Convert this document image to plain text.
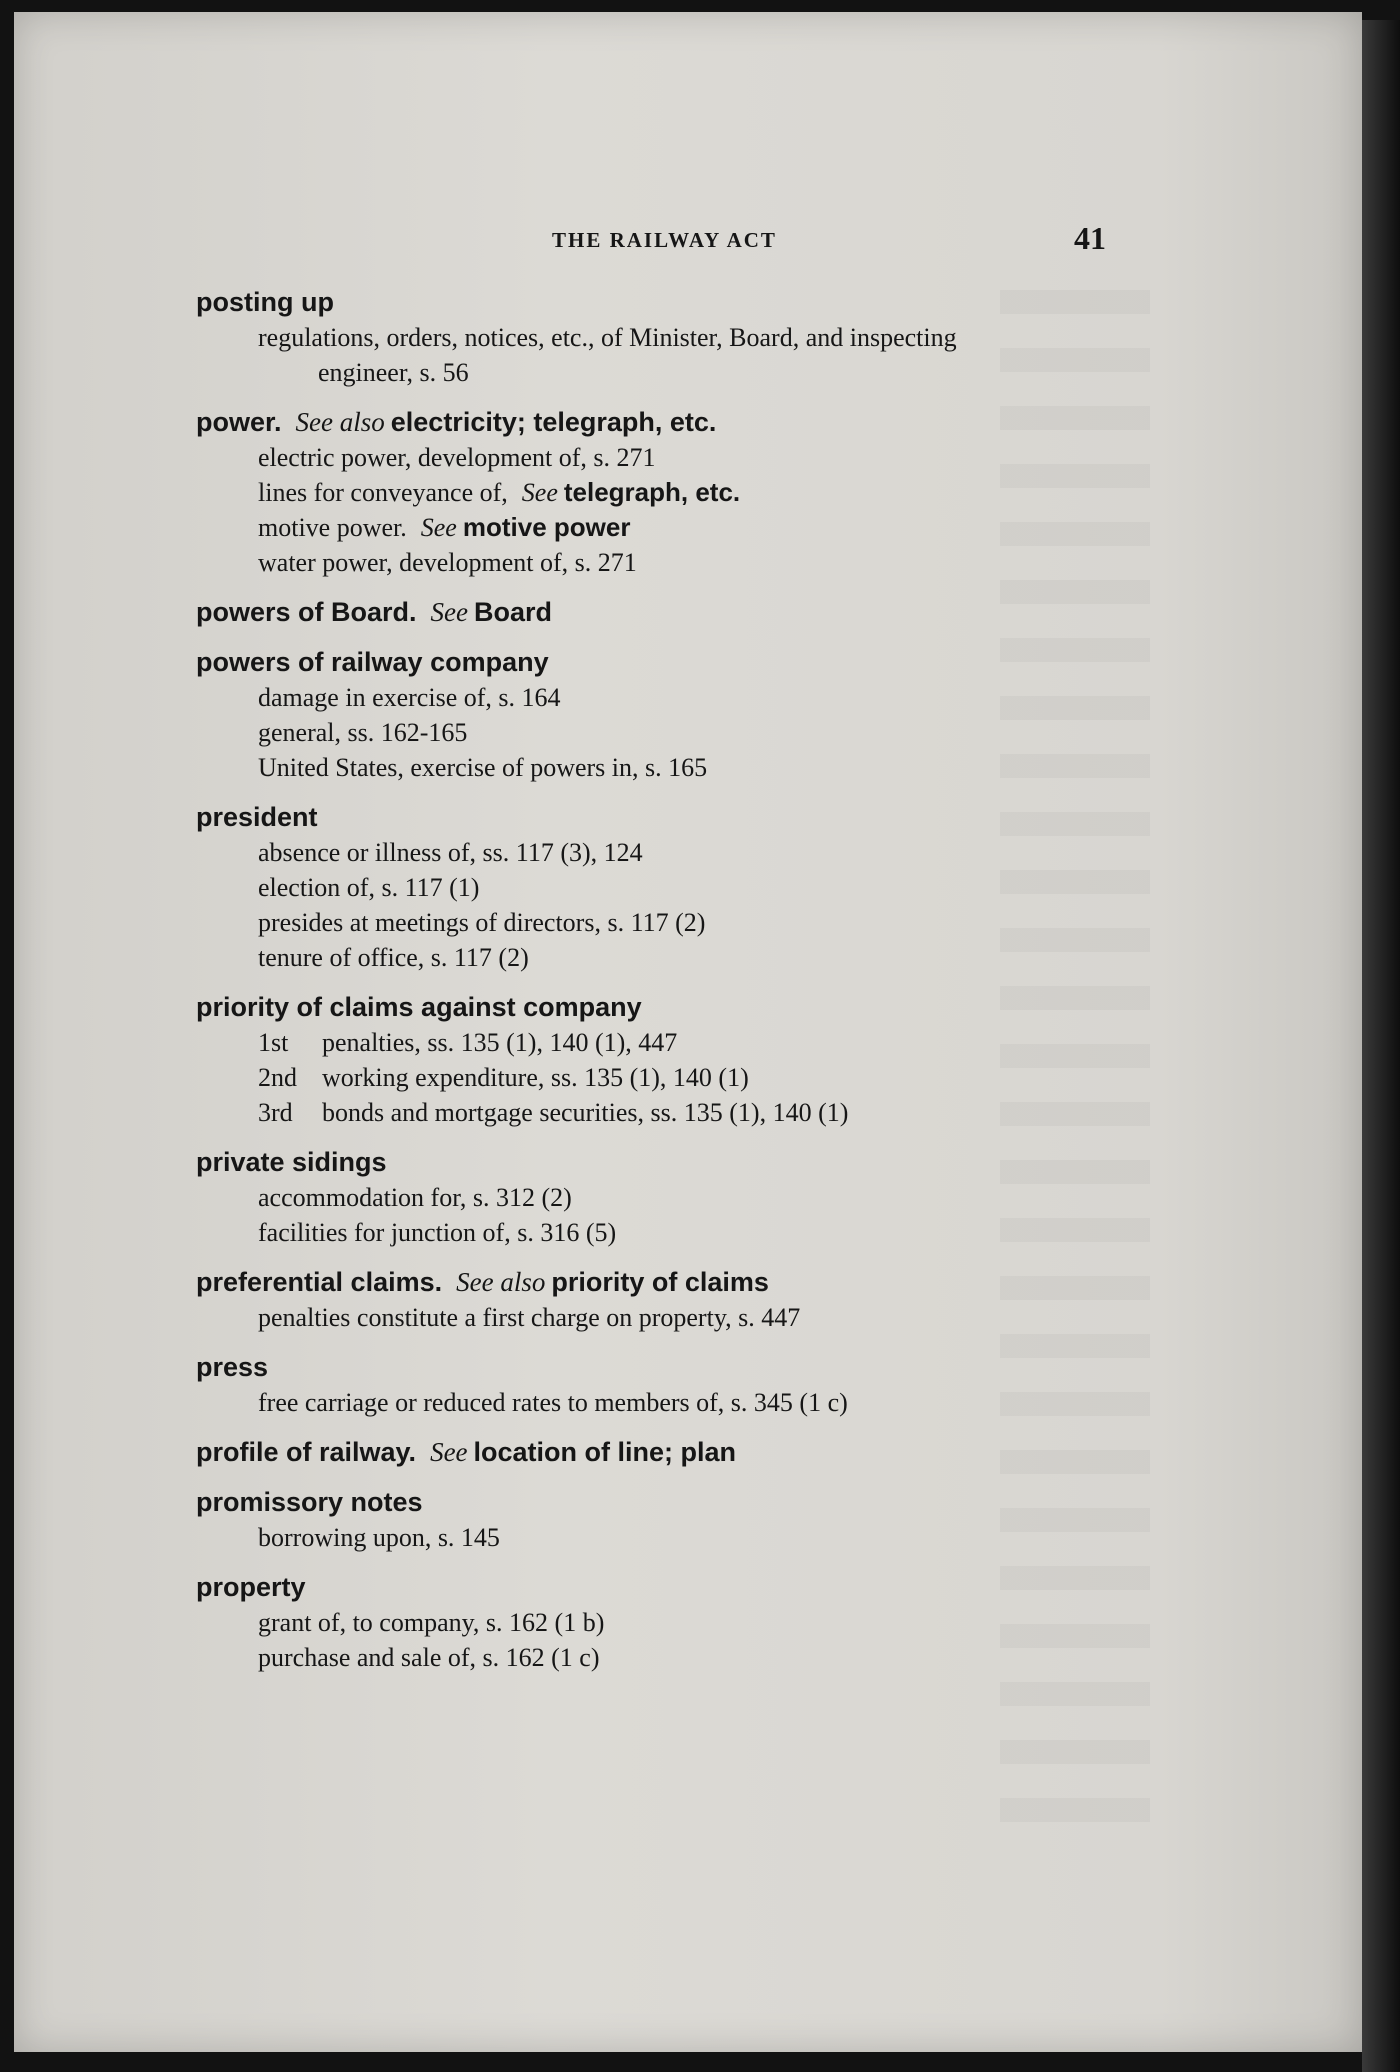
THE RAILWAY ACT	41
posting up
regulations, orders, notices, etc., of Minister, Board, and inspecting
engineer, s. 56
power. See also electricity; telegraph, etc.
electric power, development of, s. 271
lines for conveyance of, See telegraph, etc.
motive power. See motive power
water power, development of, s. 271
powers of Board. See Board
powers of railway company
damage in exercise of, s. 164
general, ss. 162-165
United States, exercise of powers in, s. 165
president
absence or illness of, ss. 117 (3), 124
election of, s. 117 (1)
presides at meetings of directors, s. 117 (2)
tenure of office, s. 117 (2)
priority of claims against company
1st penalties, ss. 135 (1), 140 (1), 447
2nd working expenditure, ss. 135 (1), 140 (1)
3rd bonds and mortgage securities, ss. 135 (1), 140 (1)
private sidings
accommodation for, s. 312 (2)
facilities for junction of, s. 316 (5)
preferential claims. See also priority of claims
penalties constitute a first charge on property, s. 447
press
free carriage or reduced rates to members of, s. 345 (1 c)
profile of railway. See location of line; plan
promissory notes
borrowing upon, s. 145
property
grant of, to company, s. 162 (1 b)
purchase and sale of, s. 162 (1 c)
